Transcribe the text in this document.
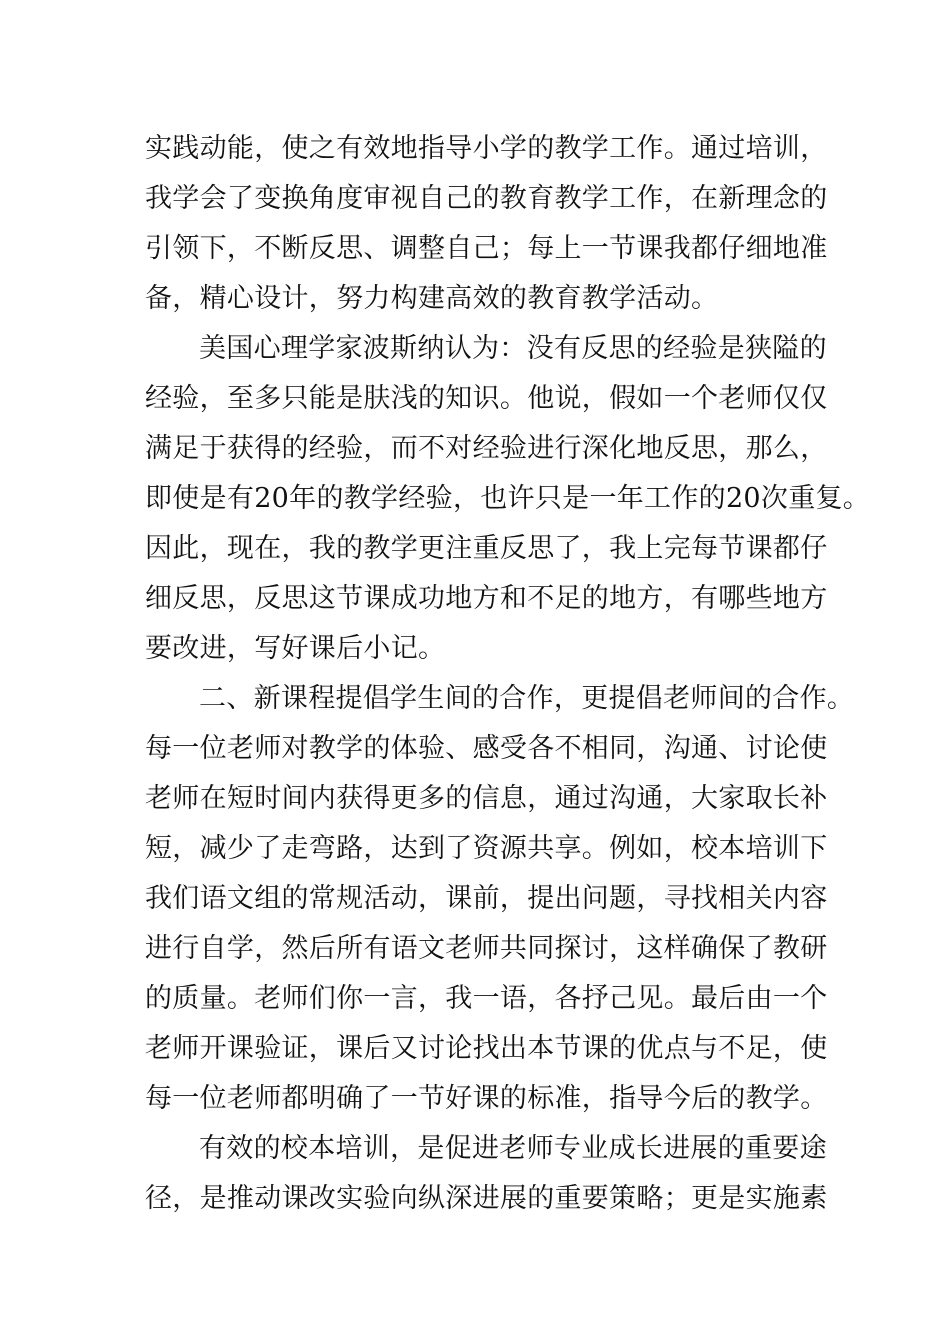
实践动能，使之有效地指导小学的教学工作。通过培训，

我学会了变换角度审视自己的教育教学工作，在新理念的

引领下，不断反思、调整自己；每上一节课我都仔细地准

备，精心设计，努力构建高效的教育教学活动。

美国心理学家波斯纳认为：没有反思的经验是狭隘的

经验，至多只能是肤浅的知识。他说，假如一个老师仅仅

满足于获得的经验，而不对经验进行深化地反思，那么，

即使是有20年的教学经验，也许只是一年工作的20次重复。

因此，现在，我的教学更注重反思了，我上完每节课都仔

细反思，反思这节课成功地方和不足的地方，有哪些地方

要改进，写好课后小记。

二、新课程提倡学生间的合作，更提倡老师间的合作。

每一位老师对教学的体验、感受各不相同，沟通、讨论使

老师在短时间内获得更多的信息，通过沟通，大家取长补

短，减少了走弯路，达到了资源共享。例如，校本培训下

我们语文组的常规活动，课前，提出问题，寻找相关内容

进行自学，然后所有语文老师共同探讨，这样确保了教研

的质量。老师们你一言，我一语，各抒己见。最后由一个

老师开课验证，课后又讨论找出本节课的优点与不足，使

每一位老师都明确了一节好课的标准，指导今后的教学。

有效的校本培训，是促进老师专业成长进展的重要途

径，是推动课改实验向纵深进展的重要策略；更是实施素
